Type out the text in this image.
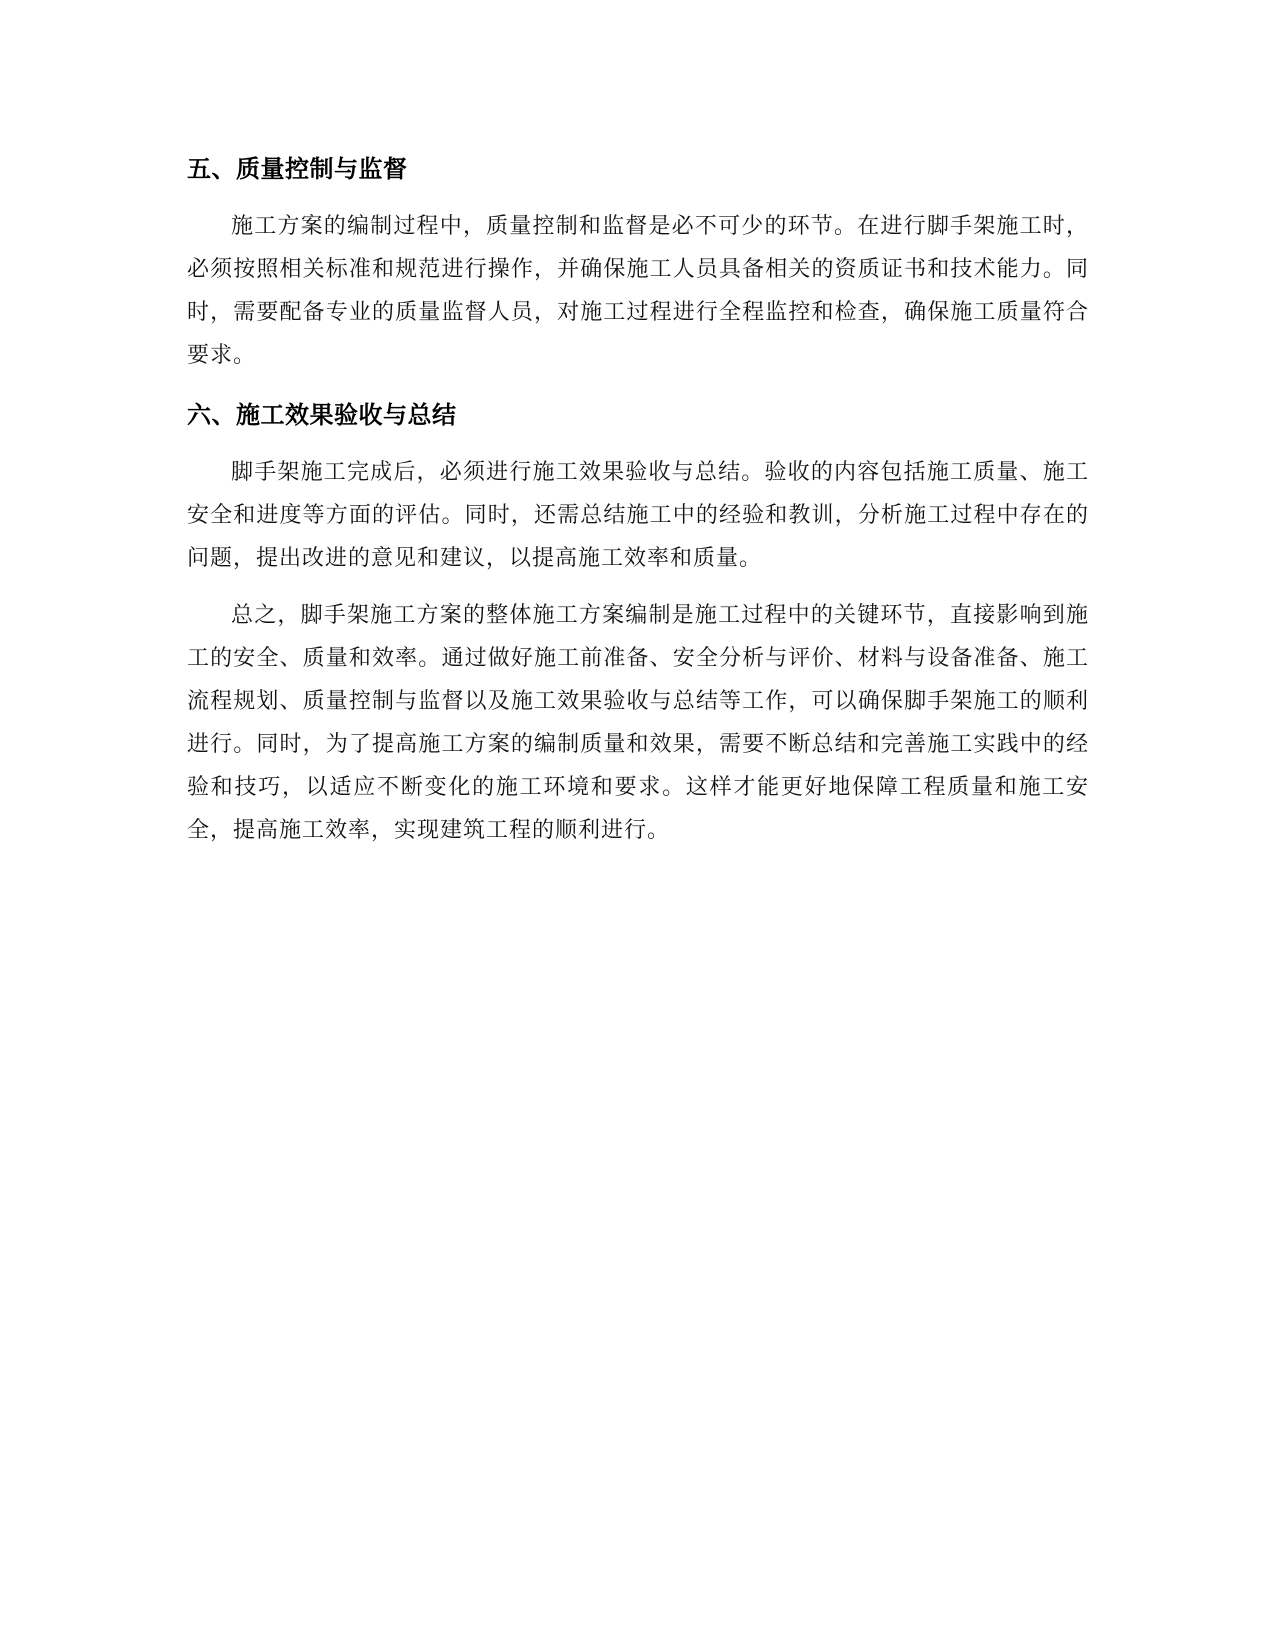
五、质量控制与监督

施工方案的编制过程中，质量控制和监督是必不可少的环节。在进行脚手架施工时，必须按照相关标准和规范进行操作，并确保施工人员具备相关的资质证书和技术能力。同时，需要配备专业的质量监督人员，对施工过程进行全程监控和检查，确保施工质量符合要求。

六、施工效果验收与总结

脚手架施工完成后，必须进行施工效果验收与总结。验收的内容包括施工质量、施工安全和进度等方面的评估。同时，还需总结施工中的经验和教训，分析施工过程中存在的问题，提出改进的意见和建议，以提高施工效率和质量。

总之，脚手架施工方案的整体施工方案编制是施工过程中的关键环节，直接影响到施工的安全、质量和效率。通过做好施工前准备、安全分析与评价、材料与设备准备、施工流程规划、质量控制与监督以及施工效果验收与总结等工作，可以确保脚手架施工的顺利进行。同时，为了提高施工方案的编制质量和效果，需要不断总结和完善施工实践中的经验和技巧，以适应不断变化的施工环境和要求。这样才能更好地保障工程质量和施工安全，提高施工效率，实现建筑工程的顺利进行。
